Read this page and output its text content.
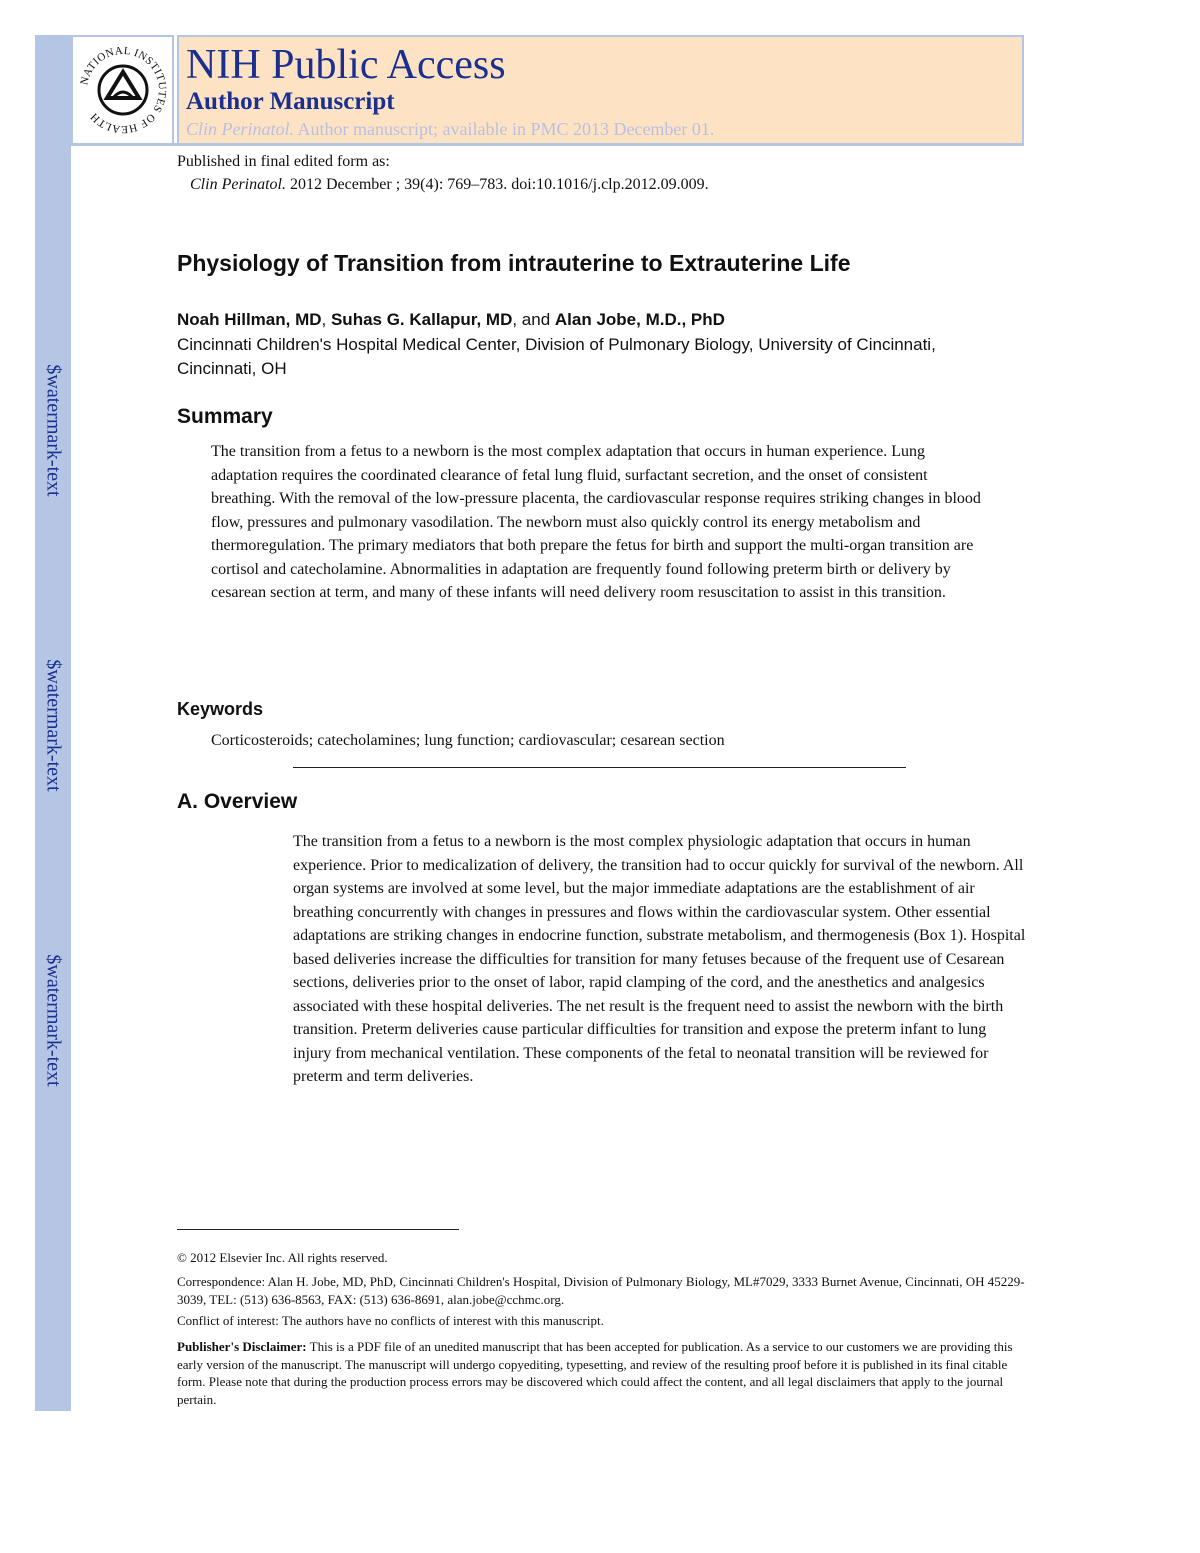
$watermark-text
$watermark-text
$watermark-text
NATIONAL INSTITUTES OF HEALTH
NIH Public Access
Author Manuscript
Clin Perinatol. Author manuscript; available in PMC 2013 December 01.
Published in final edited form as:
Clin Perinatol. 2012 December ; 39(4): 769–783. doi:10.1016/j.clp.2012.09.009.
Physiology of Transition from intrauterine to Extrauterine Life
Noah Hillman, MD, Suhas G. Kallapur, MD, and Alan Jobe, M.D., PhD
Cincinnati Children's Hospital Medical Center, Division of Pulmonary Biology, University of Cincinnati, Cincinnati, OH
Summary
The transition from a fetus to a newborn is the most complex adaptation that occurs in human experience. Lung adaptation requires the coordinated clearance of fetal lung fluid, surfactant secretion, and the onset of consistent breathing. With the removal of the low-pressure placenta, the cardiovascular response requires striking changes in blood flow, pressures and pulmonary vasodilation. The newborn must also quickly control its energy metabolism and thermoregulation. The primary mediators that both prepare the fetus for birth and support the multi-organ transition are cortisol and catecholamine. Abnormalities in adaptation are frequently found following preterm birth or delivery by cesarean section at term, and many of these infants will need delivery room resuscitation to assist in this transition.
Keywords
Corticosteroids; catecholamines; lung function; cardiovascular; cesarean section
A. Overview
The transition from a fetus to a newborn is the most complex physiologic adaptation that occurs in human experience. Prior to medicalization of delivery, the transition had to occur quickly for survival of the newborn. All organ systems are involved at some level, but the major immediate adaptations are the establishment of air breathing concurrently with changes in pressures and flows within the cardiovascular system. Other essential adaptations are striking changes in endocrine function, substrate metabolism, and thermogenesis (Box 1). Hospital based deliveries increase the difficulties for transition for many fetuses because of the frequent use of Cesarean sections, deliveries prior to the onset of labor, rapid clamping of the cord, and the anesthetics and analgesics associated with these hospital deliveries. The net result is the frequent need to assist the newborn with the birth transition. Preterm deliveries cause particular difficulties for transition and expose the preterm infant to lung injury from mechanical ventilation. These components of the fetal to neonatal transition will be reviewed for preterm and term deliveries.
© 2012 Elsevier Inc. All rights reserved.
Correspondence: Alan H. Jobe, MD, PhD, Cincinnati Children's Hospital, Division of Pulmonary Biology, ML#7029, 3333 Burnet Avenue, Cincinnati, OH 45229-3039, TEL: (513) 636-8563, FAX: (513) 636-8691, alan.jobe@cchmc.org.
Conflict of interest: The authors have no conflicts of interest with this manuscript.
Publisher's Disclaimer: This is a PDF file of an unedited manuscript that has been accepted for publication. As a service to our customers we are providing this early version of the manuscript. The manuscript will undergo copyediting, typesetting, and review of the resulting proof before it is published in its final citable form. Please note that during the production process errors may be discovered which could affect the content, and all legal disclaimers that apply to the journal pertain.
